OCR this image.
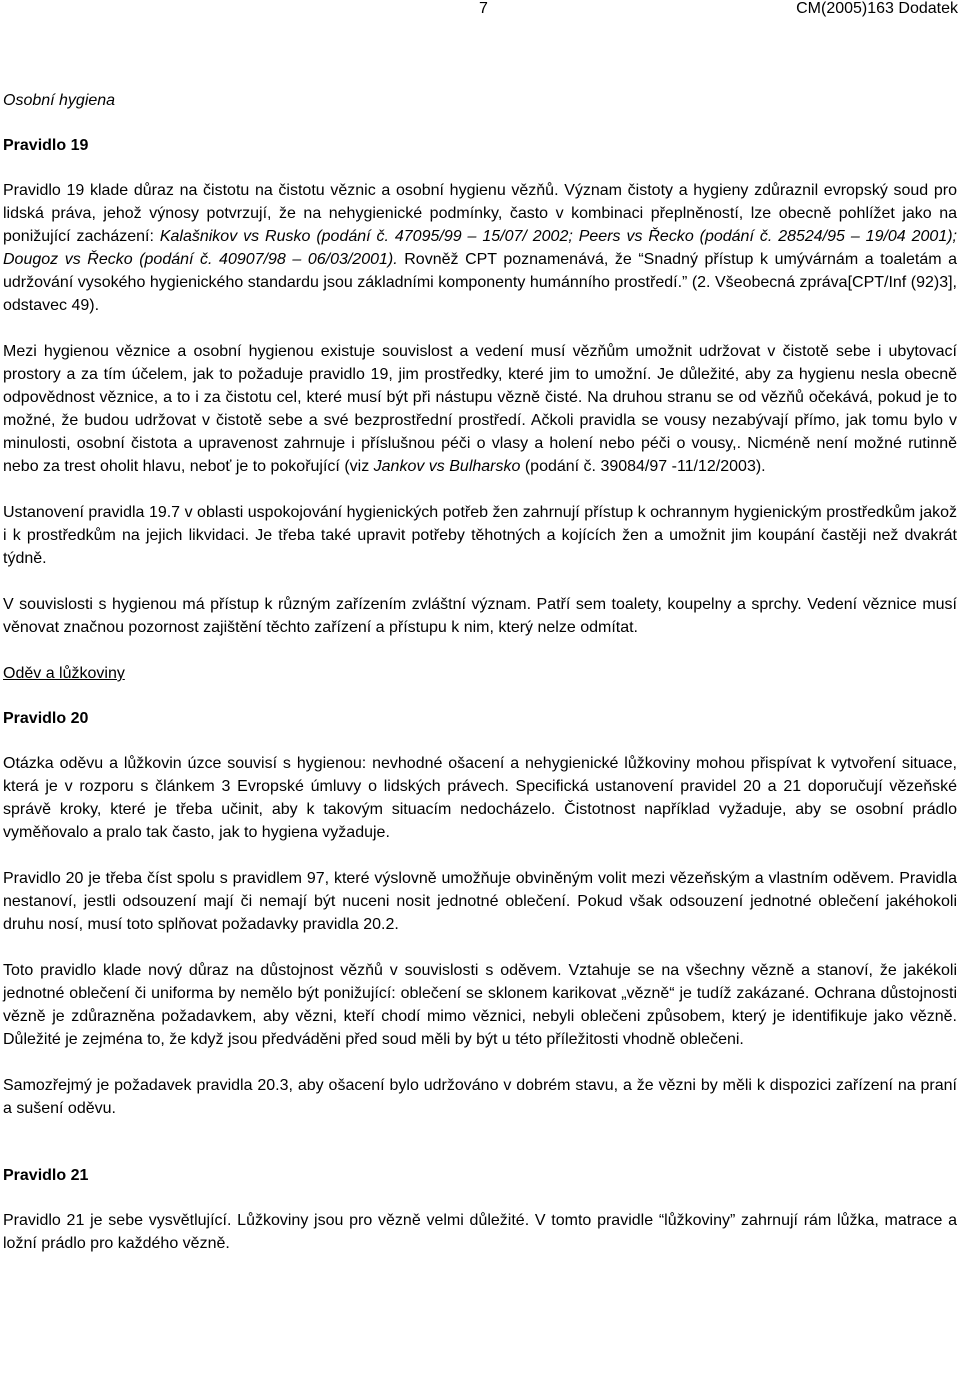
7	CM(2005)163 Dodatek

Osobní hygiena

Pravidlo 19

Pravidlo 19 klade důraz na čistotu na čistotu věznic a osobní hygienu vězňů. Význam čistoty a hygieny zdůraznil evropský soud pro lidská práva, jehož výnosy potvrzují, že na nehygienické podmínky, často v kombinaci přeplněností, lze obecně pohlížet jako na ponižující zacházení: Kalašnikov vs Rusko (podání č. 47095/99 – 15/07/ 2002; Peers vs Řecko (podání č. 28524/95 – 19/04 2001); Dougoz vs Řecko (podání č. 40907/98 – 06/03/2001). Rovněž CPT poznamenává, že “Snadný přístup k umývárnám a toaletám a udržování vysokého hygienického standardu jsou základními komponenty humánního prostředí.” (2. Všeobecná zpráva[CPT/Inf (92)3], odstavec 49).

Mezi hygienou věznice a osobní hygienou existuje souvislost a vedení musí vězňům umožnit udržovat v čistotě sebe i ubytovací prostory a za tím účelem, jak to požaduje pravidlo 19, jim prostředky, které jim to umožní. Je důležité, aby za hygienu nesla obecně odpovědnost věznice, a to i za čistotu cel, které musí být při nástupu vězně čisté. Na druhou stranu se od vězňů očekává, pokud je to možné, že budou udržovat v čistotě sebe a své bezprostřední prostředí. Ačkoli pravidla se vousy nezabývají přímo, jak tomu bylo v minulosti, osobní čistota a upravenost zahrnuje i příslušnou péči o vlasy a holení nebo péči o vousy,. Nicméně není možné rutinně nebo za trest oholit hlavu, neboť je to pokořující (viz Jankov vs Bulharsko (podání č. 39084/97 -11/12/2003).

Ustanovení pravidla 19.7 v oblasti uspokojování hygienických potřeb žen zahrnují přístup k ochrannym hygienickým prostředkům jakož i k prostředkům na jejich likvidaci. Je třeba také upravit potřeby těhotných a kojících žen a umožnit jim koupání častěji než dvakrát týdně.

V souvislosti s hygienou má přístup k různým zařízením zvláštní význam. Patří sem toalety, koupelny a sprchy. Vedení věznice musí věnovat značnou pozornost zajištění těchto zařízení a přístupu k nim, který nelze odmítat.

Oděv a lůžkoviny

Pravidlo 20

Otázka oděvu a lůžkovin úzce souvisí s hygienou: nevhodné ošacení a nehygienické lůžkoviny mohou přispívat k vytvoření situace, která je v rozporu s článkem 3 Evropské úmluvy o lidských právech. Specifická ustanovení pravidel 20 a 21 doporučují vězeňské správě kroky, které je třeba učinit, aby k takovým situacím nedocházelo. Čistotnost například vyžaduje, aby se osobní prádlo vyměňovalo a pralo tak často, jak to hygiena vyžaduje.

Pravidlo 20 je třeba číst spolu s pravidlem 97, které výslovně umožňuje obviněným volit mezi vězeňským a vlastním oděvem. Pravidla nestanoví, jestli odsouzení mají či nemají být nuceni nosit jednotné oblečení. Pokud však odsouzení jednotné oblečení jakéhokoli druhu nosí, musí toto splňovat požadavky pravidla 20.2.

Toto pravidlo klade nový důraz na důstojnost vězňů v souvislosti s oděvem. Vztahuje se na všechny vězně a stanoví, že jakékoli jednotné oblečení či uniforma by nemělo být ponižující: oblečení se sklonem karikovat „vězně“ je tudíž zakázané. Ochrana důstojnosti vězně je zdůrazněna požadavkem, aby vězni, kteří chodí mimo věznici, nebyli oblečeni způsobem, který je identifikuje jako vězně. Důležité je zejména to, že když jsou předváděni před soud měli by být u této příležitosti vhodně oblečeni.

Samozřejmý je požadavek pravidla 20.3, aby ošacení bylo udržováno v dobrém stavu, a že vězni by měli k dispozici zařízení na praní a sušení oděvu.

Pravidlo 21

Pravidlo 21 je sebe vysvětlující. Lůžkoviny jsou pro vězně velmi důležité. V tomto pravidle “lůžkoviny” zahrnují rám lůžka, matrace a ložní prádlo pro každého vězně.
